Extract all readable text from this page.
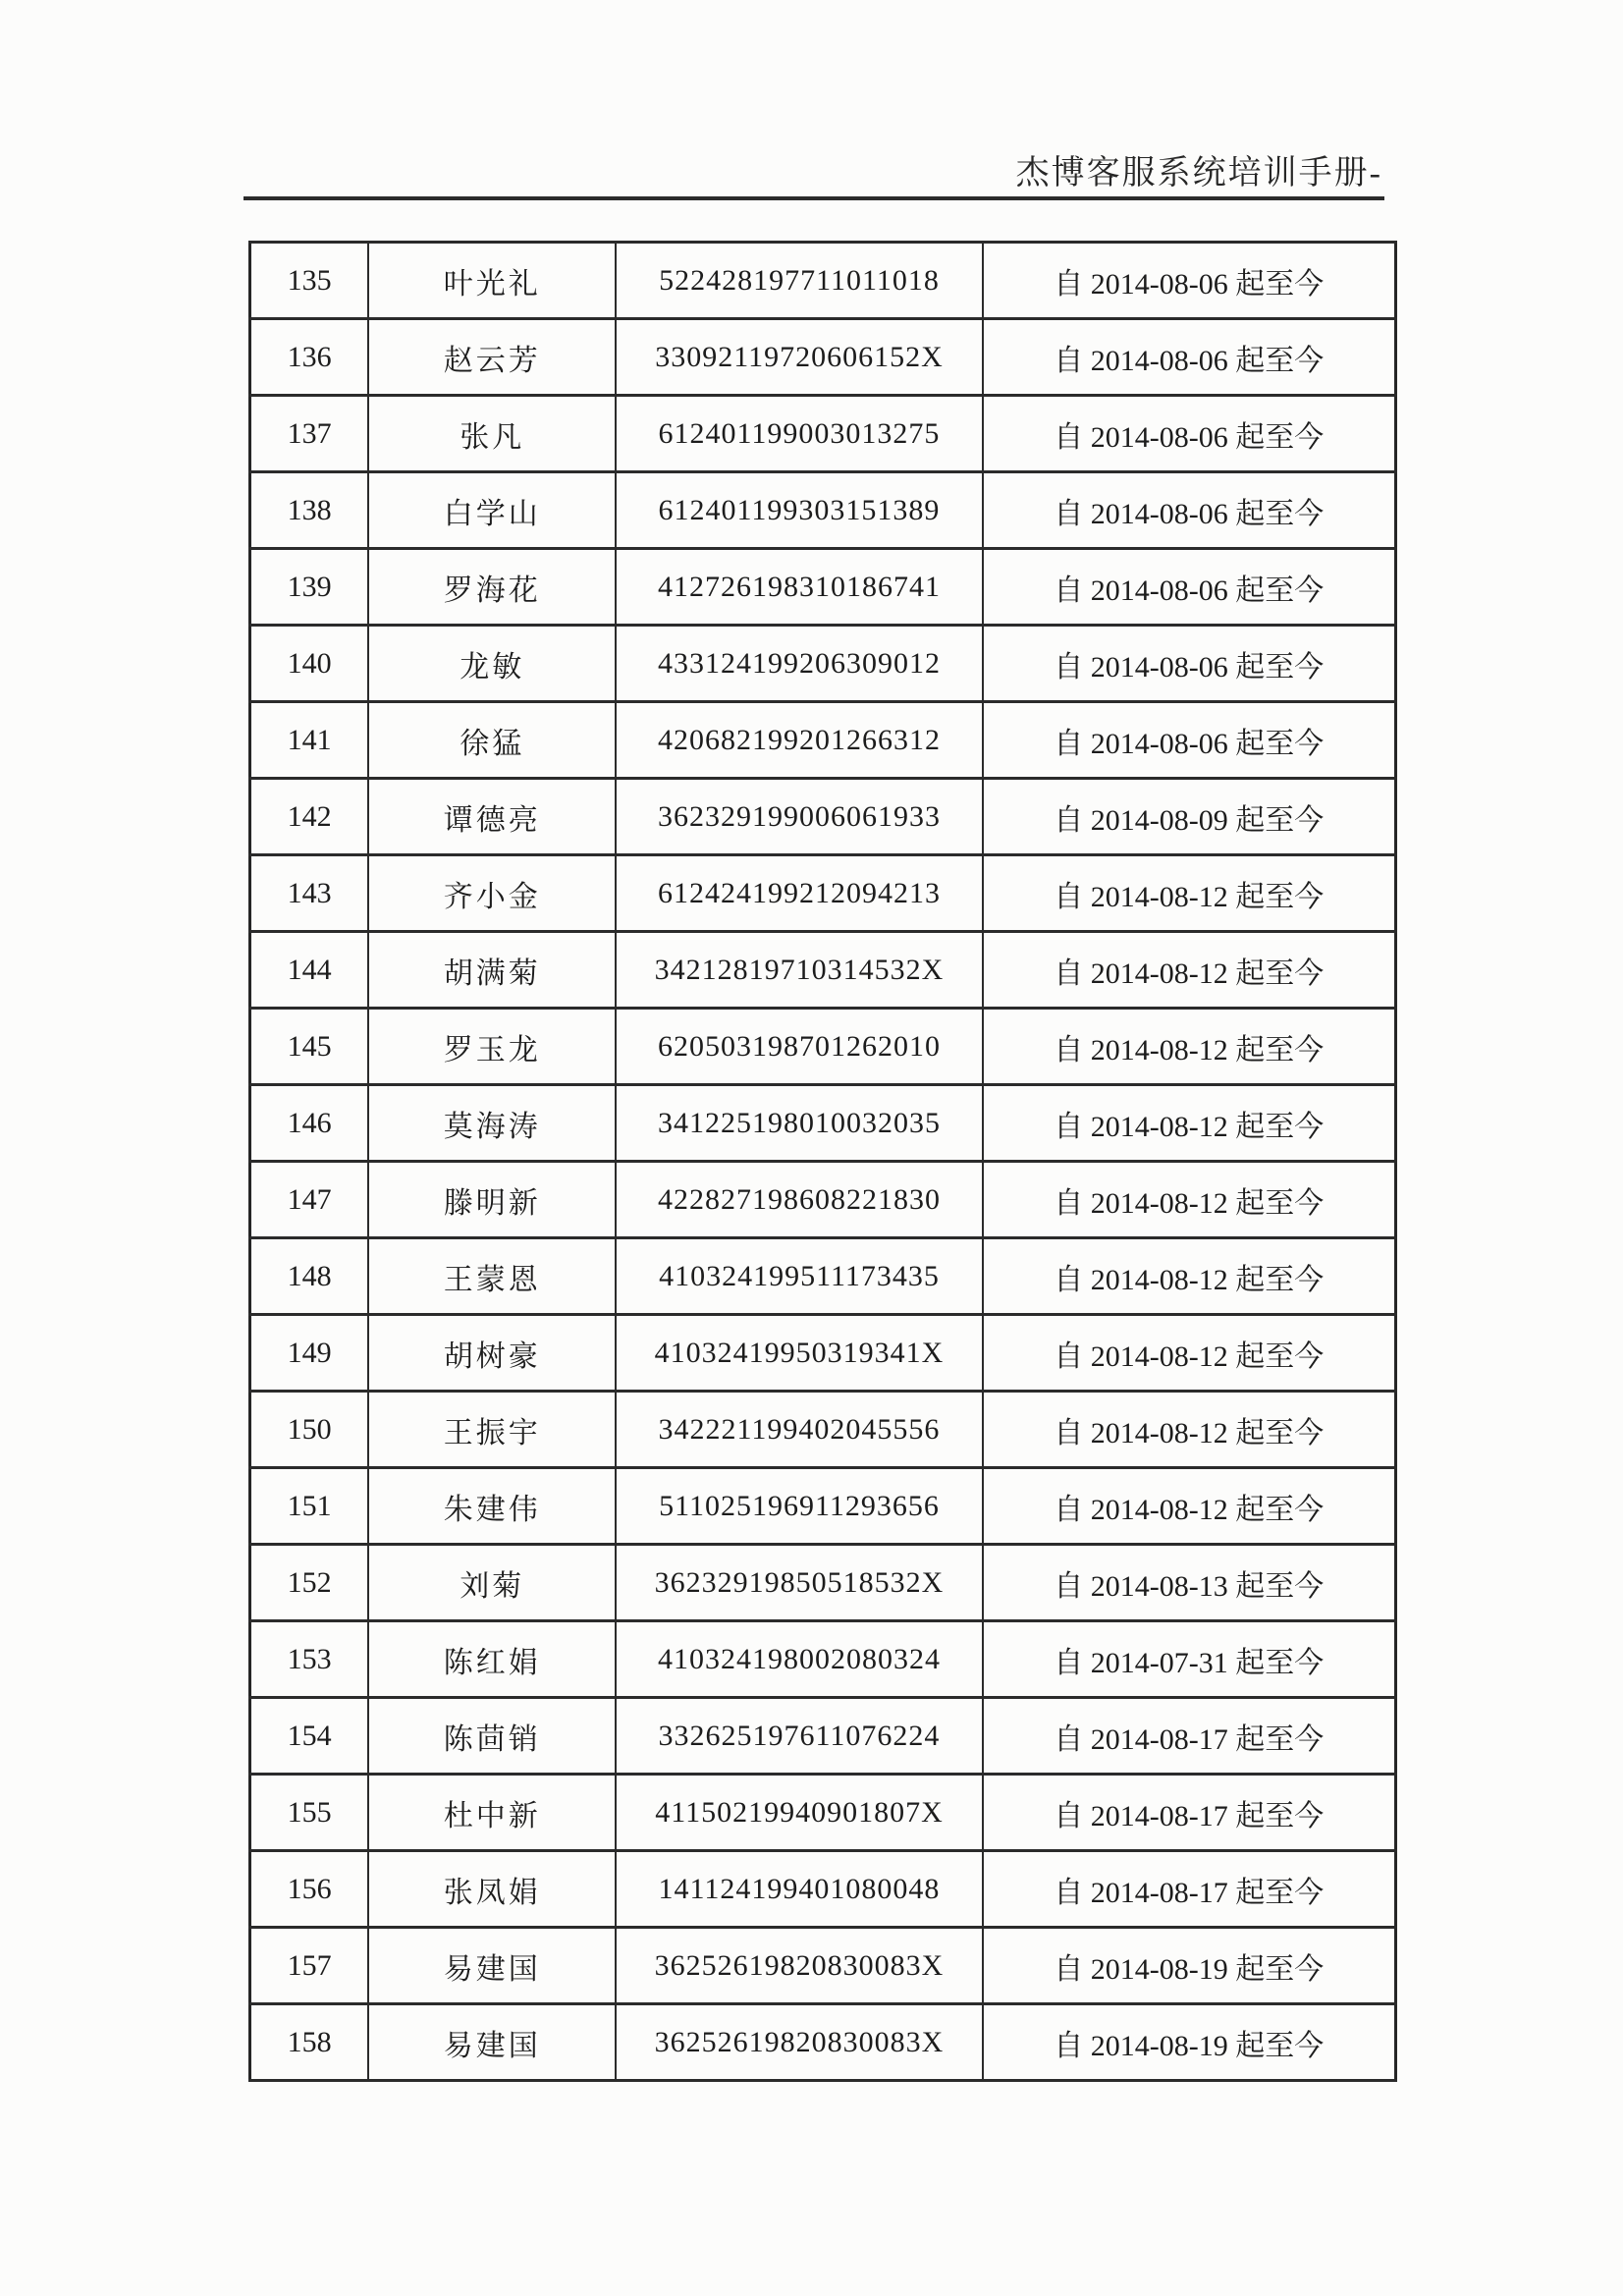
杰博客服系统培训手册-
135	叶光礼	522428197711011018	自 2014-08-06 起至今
136	赵云芳	33092119720606152X	自 2014-08-06 起至今
137	张凡	612401199003013275	自 2014-08-06 起至今
138	白学山	612401199303151389	自 2014-08-06 起至今
139	罗海花	412726198310186741	自 2014-08-06 起至今
140	龙敏	433124199206309012	自 2014-08-06 起至今
141	徐猛	420682199201266312	自 2014-08-06 起至今
142	谭德亮	362329199006061933	自 2014-08-09 起至今
143	齐小金	612424199212094213	自 2014-08-12 起至今
144	胡满菊	34212819710314532X	自 2014-08-12 起至今
145	罗玉龙	620503198701262010	自 2014-08-12 起至今
146	莫海涛	341225198010032035	自 2014-08-12 起至今
147	滕明新	422827198608221830	自 2014-08-12 起至今
148	王蒙恩	410324199511173435	自 2014-08-12 起至今
149	胡树豪	41032419950319341X	自 2014-08-12 起至今
150	王振宇	342221199402045556	自 2014-08-12 起至今
151	朱建伟	511025196911293656	自 2014-08-12 起至今
152	刘菊	36232919850518532X	自 2014-08-13 起至今
153	陈红娟	410324198002080324	自 2014-07-31 起至今
154	陈茴销	332625197611076224	自 2014-08-17 起至今
155	杜中新	41150219940901807X	自 2014-08-17 起至今
156	张凤娟	141124199401080048	自 2014-08-17 起至今
157	易建国	36252619820830083X	自 2014-08-19 起至今
158	易建国	36252619820830083X	自 2014-08-19 起至今
